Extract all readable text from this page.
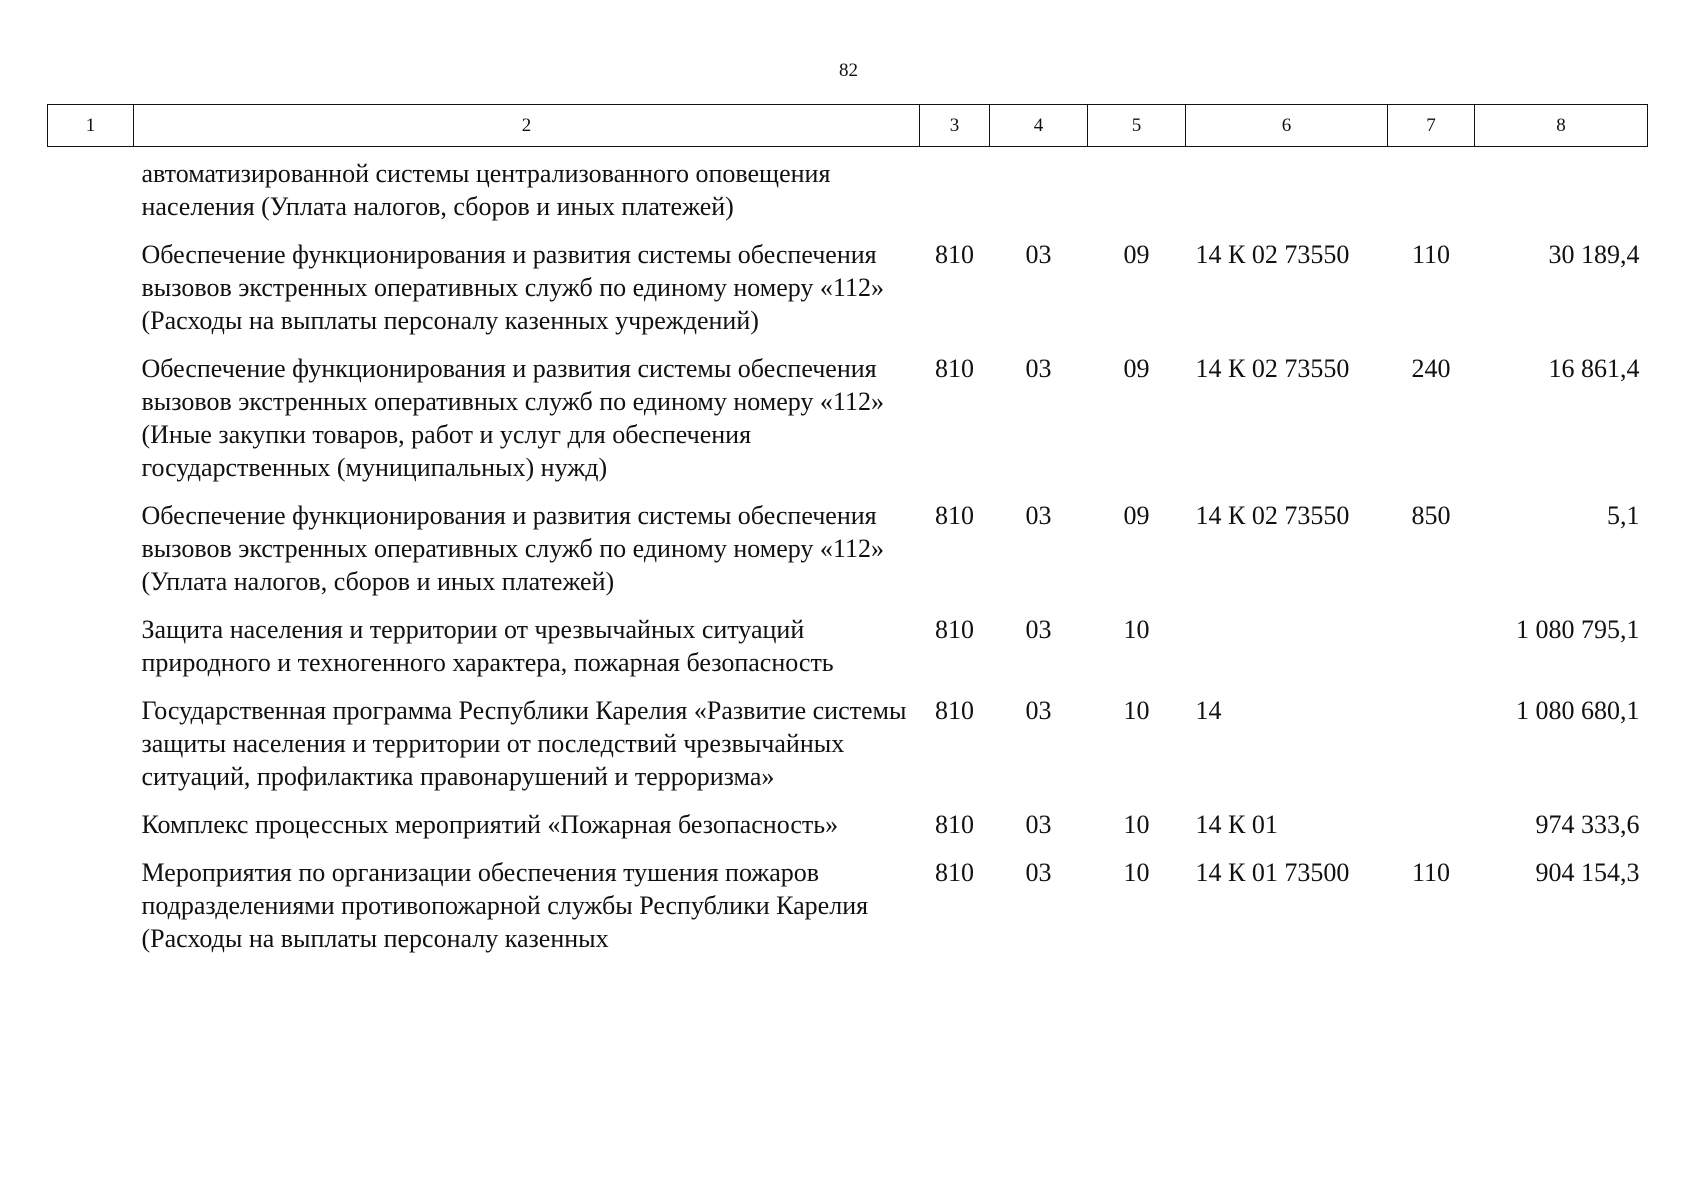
82
1	2	3	4	5	6	7	8
	автоматизированной системы централизованного оповещения населения (Уплата налогов, сборов и иных платежей)						
	Обеспечение функционирования и развития системы обеспечения вызовов экстренных оперативных служб по единому номеру «112» (Расходы на выплаты персоналу казенных учреждений)	810	03	09	14 К 02 73550	110	30 189,4
	Обеспечение функционирования и развития системы обеспечения вызовов экстренных оперативных служб по единому номеру «112» (Иные закупки товаров, работ и услуг для обеспечения государственных (муниципальных) нужд)	810	03	09	14 К 02 73550	240	16 861,4
	Обеспечение функционирования и развития системы обеспечения вызовов экстренных оперативных служб по единому номеру «112» (Уплата налогов, сборов и иных платежей)	810	03	09	14 К 02 73550	850	5,1
	Защита населения и территории от чрезвычайных ситуаций природного и техногенного характера, пожарная безопасность	810	03	10			1 080 795,1
	Государственная программа Республики Карелия «Развитие системы защиты населения и территории от последствий чрезвычайных ситуаций, профилактика правонарушений и терроризма»	810	03	10	14		1 080 680,1
	Комплекс процессных мероприятий «Пожарная безопасность»	810	03	10	14 К 01		974 333,6
	Мероприятия по организации обеспечения тушения пожаров подразделениями противопожарной службы Республики Карелия (Расходы на выплаты персоналу казенных	810	03	10	14 К 01 73500	110	904 154,3
